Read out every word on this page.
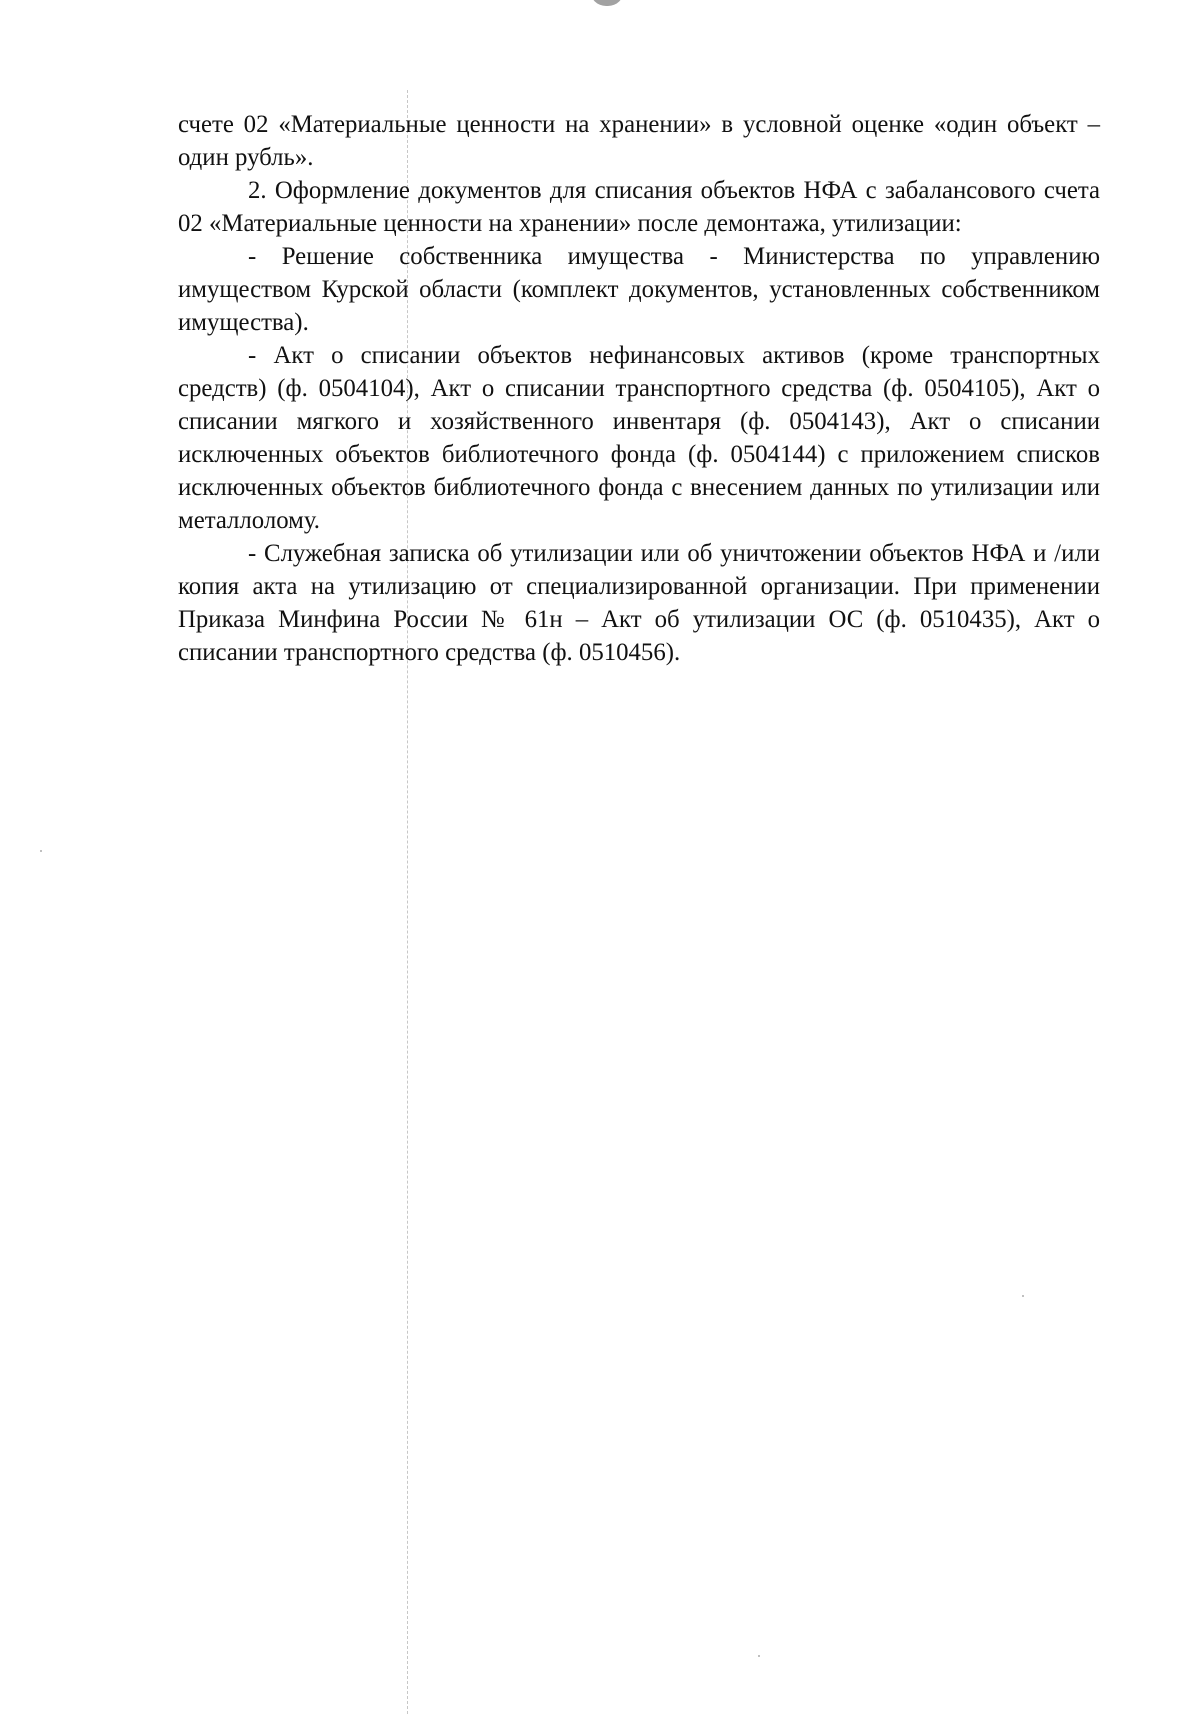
счете 02 «Материальные ценности на хранении» в условной оценке «один объект – один рубль».

2. Оформление документов для списания объектов НФА с забалансового счета 02 «Материальные ценности на хранении» после демонтажа, утилизации:

- Решение собственника имущества - Министерства по управлению имуществом Курской области (комплект документов, установленных собственником имущества).

- Акт о списании объектов нефинансовых активов (кроме транспортных средств) (ф. 0504104), Акт о списании транспортного средства (ф. 0504105), Акт о списании мягкого и хозяйственного инвентаря (ф. 0504143), Акт о списании исключенных объектов библиотечного фонда (ф. 0504144) с приложением списков исключенных объектов библиотечного фонда с внесением данных по утилизации или металлолому.

- Служебная записка об утилизации или об уничтожении объектов НФА и /или копия акта на утилизацию от специализированной организации. При применении Приказа Минфина России № 61н – Акт об утилизации ОС (ф. 0510435), Акт о списании транспортного средства (ф. 0510456).
